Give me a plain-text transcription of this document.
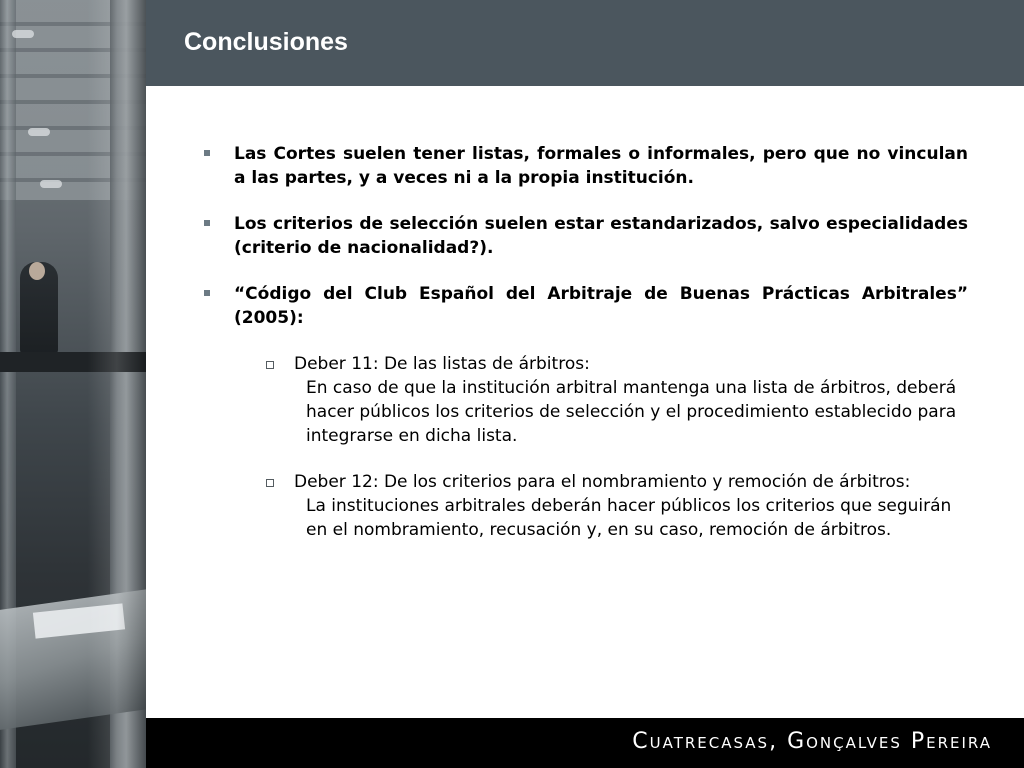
Conclusiones

Las Cortes suelen tener listas, formales o informales, pero que no vinculan a las partes, y a veces ni a la propia institución.

Los criterios de selección suelen estar estandarizados, salvo especialidades (criterio de nacionalidad?).

“Código del Club Español del Arbitraje de Buenas Prácticas Arbitrales” (2005):

Deber 11: De las listas de árbitros:
En caso de que la institución arbitral mantenga una lista de árbitros, deberá hacer públicos los criterios de selección y el procedimiento establecido para integrarse en dicha lista.
Deber 12: De los criterios para el nombramiento y remoción de árbitros:
La instituciones arbitrales deberán hacer públicos los criterios que seguirán en el nombramiento, recusación y, en su caso, remoción de árbitros.
Cuatrecasas, Gonçalves Pereira
